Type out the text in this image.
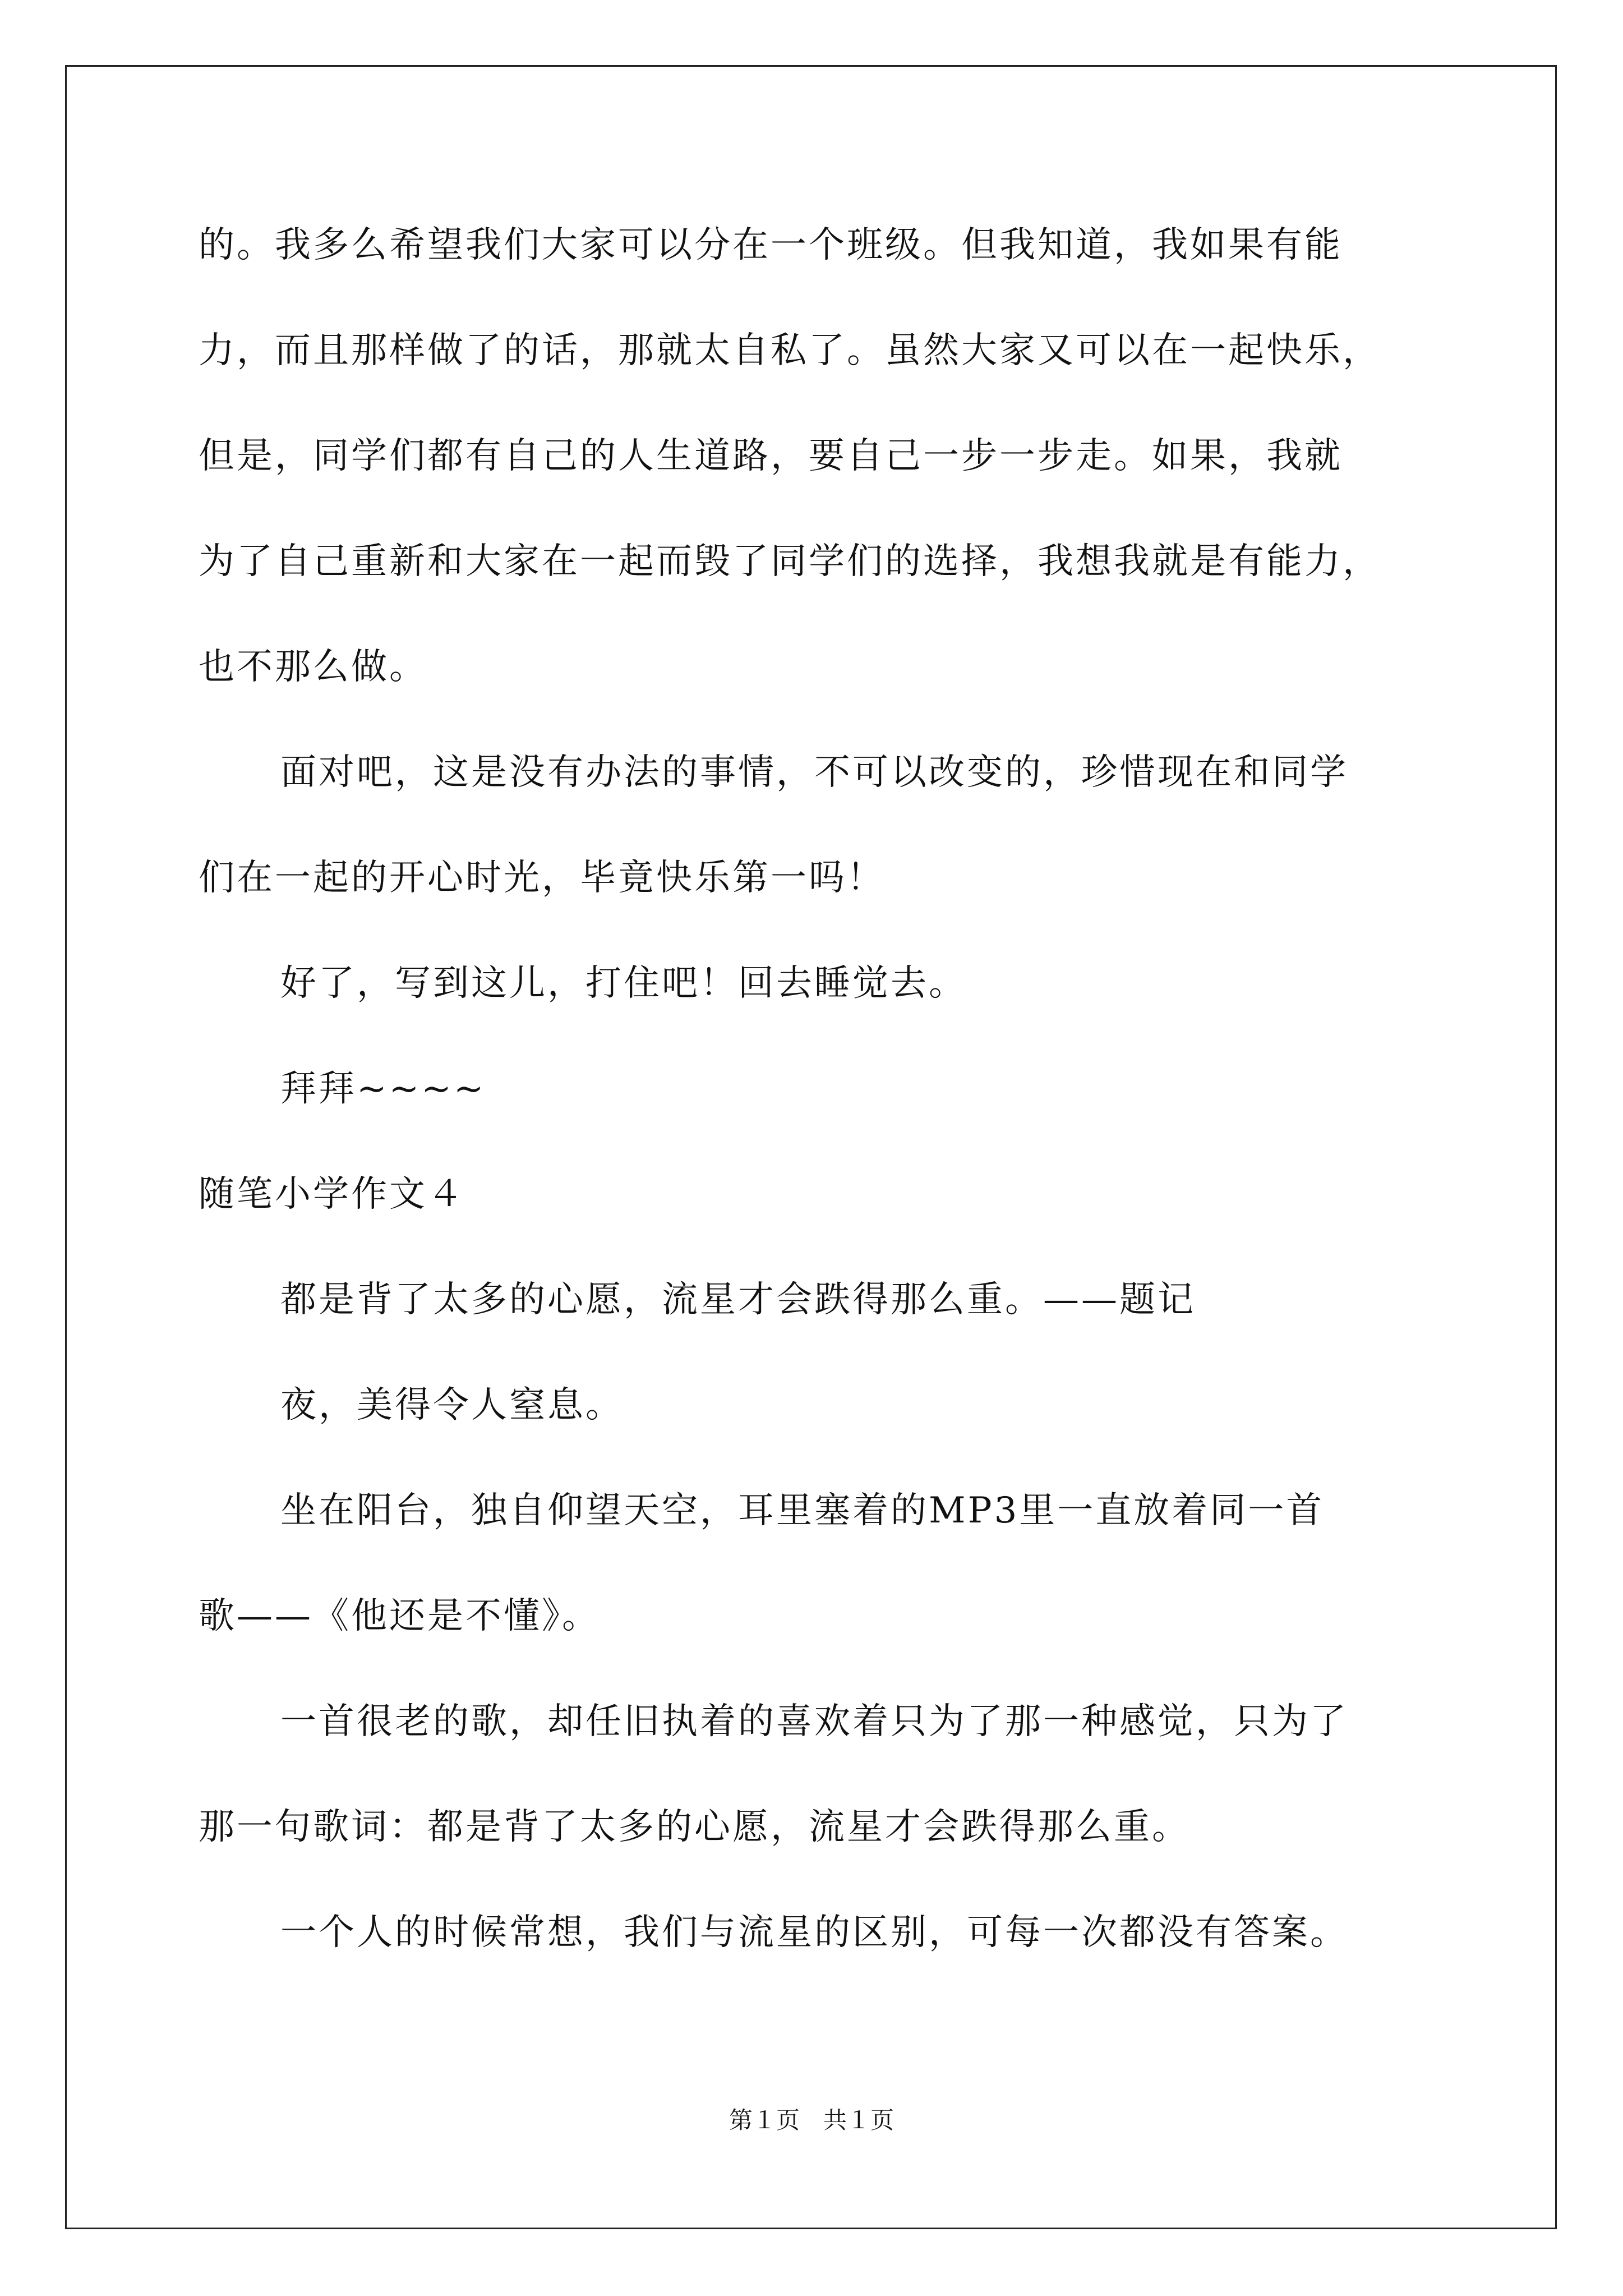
的。我多么希望我们大家可以分在一个班级。但我知道，我如果有能
力，而且那样做了的话，那就太自私了。虽然大家又可以在一起快乐，
但是，同学们都有自己的人生道路，要自己一步一步走。如果，我就
为了自己重新和大家在一起而毁了同学们的选择，我想我就是有能力，
也不那么做。
面对吧，这是没有办法的事情，不可以改变的，珍惜现在和同学
们在一起的开心时光，毕竟快乐第一吗！
好了，写到这儿，打住吧！回去睡觉去。
拜拜~~~~
随笔小学作文４
都是背了太多的心愿，流星才会跌得那么重。——题记
夜，美得令人窒息。
坐在阳台，独自仰望天空，耳里塞着的MP3里一直放着同一首
歌——《他还是不懂》。
一首很老的歌，却任旧执着的喜欢着只为了那一种感觉，只为了
那一句歌词：都是背了太多的心愿，流星才会跌得那么重。
一个人的时候常想，我们与流星的区别，可每一次都没有答案。
第１页　共１页
